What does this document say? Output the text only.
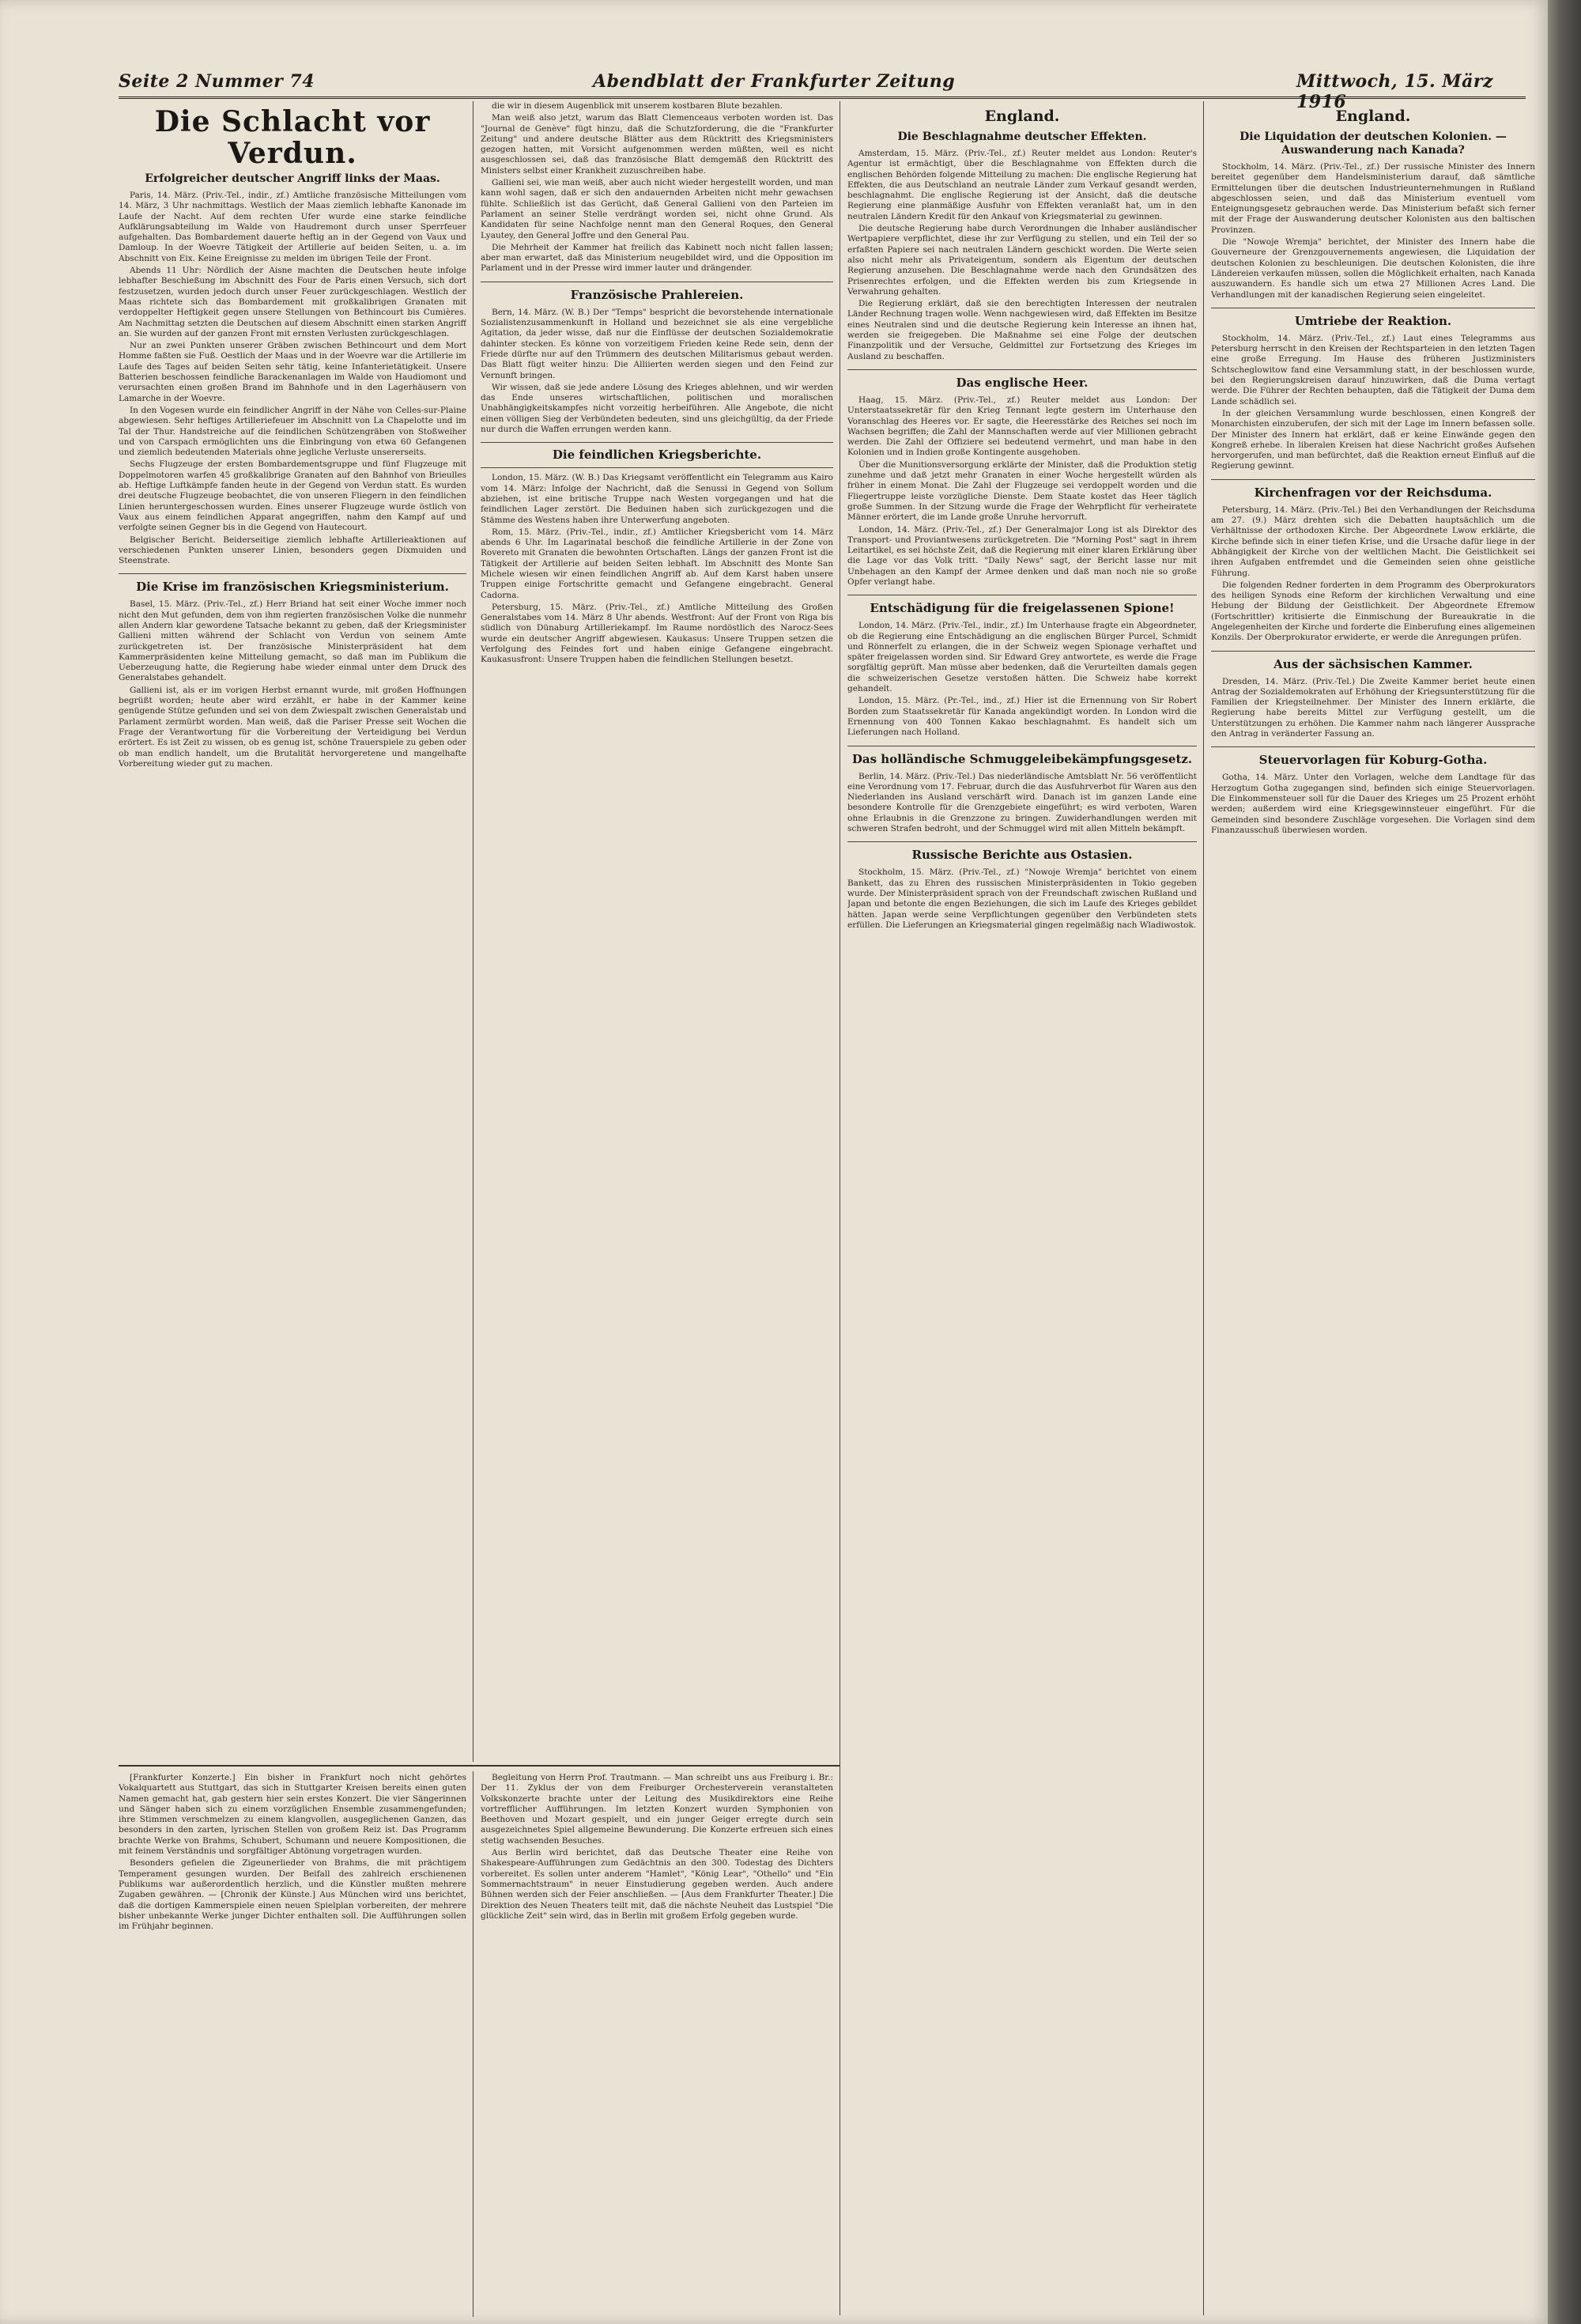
Seite 2 Nummer 74	Abendblatt der Frankfurter Zeitung	Mittwoch, 15. März 1916
Die Schlacht vor Verdun.
Erfolgreicher deutscher Angriff links der Maas.

Paris, 14. März. (Priv.-Tel., indir., zf.) Amtliche französische Mitteilungen vom 14. März, 3 Uhr nachmittags. Westlich der Maas ziemlich lebhafte Kanonade im Laufe der Nacht. Auf dem rechten Ufer wurde eine starke feindliche Aufklärungsabteilung im Walde von Haudremont durch unser Sperrfeuer aufgehalten. Das Bombardement dauerte heftig an in der Gegend von Vaux und Damloup. In der Woevre Tätigkeit der Artillerie auf beiden Seiten, u. a. im Abschnitt von Eix. Keine Ereignisse zu melden im übrigen Teile der Front.

Abends 11 Uhr: Nördlich der Aisne machten die Deutschen heute infolge lebhafter Beschießung im Abschnitt des Four de Paris einen Versuch, sich dort festzusetzen, wurden jedoch durch unser Feuer zurückgeschlagen. Westlich der Maas richtete sich das Bombardement mit großkalibrigen Granaten mit verdoppelter Heftigkeit gegen unsere Stellungen von Bethincourt bis Cumières. Am Nachmittag setzten die Deutschen auf diesem Abschnitt einen starken Angriff an. Sie wurden auf der ganzen Front mit ernsten Verlusten zurückgeschlagen.

Nur an zwei Punkten unserer Gräben zwischen Bethincourt und dem Mort Homme faßten sie Fuß. Oestlich der Maas und in der Woevre war die Artillerie im Laufe des Tages auf beiden Seiten sehr tätig, keine Infanterietätigkeit. Unsere Batterien beschossen feindliche Barackenanlagen im Walde von Haudiomont und verursachten einen großen Brand im Bahnhofe und in den Lagerhäusern von Lamarche in der Woevre.

In den Vogesen wurde ein feindlicher Angriff in der Nähe von Celles-sur-Plaine abgewiesen. Sehr heftiges Artilleriefeuer im Abschnitt von La Chapelotte und im Tal der Thur. Handstreiche auf die feindlichen Schützengräben von Stoßweiher und von Carspach ermöglichten uns die Einbringung von etwa 60 Gefangenen und ziemlich bedeutenden Materials ohne jegliche Verluste unsererseits.

Sechs Flugzeuge der ersten Bombardementsgruppe und fünf Flugzeuge mit Doppelmotoren warfen 45 großkalibrige Granaten auf den Bahnhof von Brieulles ab. Heftige Luftkämpfe fanden heute in der Gegend von Verdun statt. Es wurden drei deutsche Flugzeuge beobachtet, die von unseren Fliegern in den feindlichen Linien heruntergeschossen wurden. Eines unserer Flugzeuge wurde östlich von Vaux aus einem feindlichen Apparat angegriffen, nahm den Kampf auf und verfolgte seinen Gegner bis in die Gegend von Hautecourt.

Belgischer Bericht. Beiderseitige ziemlich lebhafte Artillerieaktionen auf verschiedenen Punkten unserer Linien, besonders gegen Dixmuiden und Steenstrate.

Die Krise im französischen Kriegsministerium.

Basel, 15. März. (Priv.-Tel., zf.) Herr Briand hat seit einer Woche immer noch nicht den Mut gefunden, dem von ihm regierten französischen Volke die nunmehr allen Andern klar gewordene Tatsache bekannt zu geben, daß der Kriegsminister Gallieni mitten während der Schlacht von Verdun von seinem Amte zurückgetreten ist. Der französische Ministerpräsident hat dem Kammerpräsidenten keine Mitteilung gemacht, so daß man im Publikum die Ueberzeugung hatte, die Regierung habe wieder einmal unter dem Druck des Generalstabes gehandelt.

Gallieni ist, als er im vorigen Herbst ernannt wurde, mit großen Hoffnungen begrüßt worden; heute aber wird erzählt, er habe in der Kammer keine genügende Stütze gefunden und sei von dem Zwiespalt zwischen Generalstab und Parlament zermürbt worden. Man weiß, daß die Pariser Presse seit Wochen die Frage der Verantwortung für die Vorbereitung der Verteidigung bei Verdun erörtert. Es ist Zeit zu wissen, ob es genug ist, schöne Trauerspiele zu geben oder ob man endlich handelt, um die Brutalität hervorgeretene und mangelhafte Vorbereitung wieder gut zu machen.

die wir in diesem Augenblick mit unserem kostbaren Blute bezahlen.

Man weiß also jetzt, warum das Blatt Clemenceaus verboten worden ist. Das "Journal de Genève" fügt hinzu, daß die Schutzforderung, die die "Frankfurter Zeitung" und andere deutsche Blätter aus dem Rücktritt des Kriegsministers gezogen hatten, mit Vorsicht aufgenommen werden müßten, weil es nicht ausgeschlossen sei, daß das französische Blatt demgemäß den Rücktritt des Ministers selbst einer Krankheit zuzuschreiben habe.

Gallieni sei, wie man weiß, aber auch nicht wieder hergestellt worden, und man kann wohl sagen, daß er sich den andauernden Arbeiten nicht mehr gewachsen fühlte. Schließlich ist das Gerücht, daß General Gallieni von den Parteien im Parlament an seiner Stelle verdrängt worden sei, nicht ohne Grund. Als Kandidaten für seine Nachfolge nennt man den General Roques, den General Lyautey, den General Joffre und den General Pau.

Die Mehrheit der Kammer hat freilich das Kabinett noch nicht fallen lassen; aber man erwartet, daß das Ministerium neugebildet wird, und die Opposition im Parlament und in der Presse wird immer lauter und drängender.

Französische Prahlereien.

Bern, 14. März. (W. B.) Der "Temps" bespricht die bevorstehende internationale Sozialistenzusammenkunft in Holland und bezeichnet sie als eine vergebliche Agitation, da jeder wisse, daß nur die Einflüsse der deutschen Sozialdemokratie dahinter stecken. Es könne von vorzeitigem Frieden keine Rede sein, denn der Friede dürfte nur auf den Trümmern des deutschen Militarismus gebaut werden. Das Blatt fügt weiter hinzu: Die Alliierten werden siegen und den Feind zur Vernunft bringen.

Wir wissen, daß sie jede andere Lösung des Krieges ablehnen, und wir werden das Ende unseres wirtschaftlichen, politischen und moralischen Unabhängigkeitskampfes nicht vorzeitig herbeiführen. Alle Angebote, die nicht einen völligen Sieg der Verbündeten bedeuten, sind uns gleichgültig, da der Friede nur durch die Waffen errungen werden kann.

Die feindlichen Kriegsberichte.

London, 15. März. (W. B.) Das Kriegsamt veröffentlicht ein Telegramm aus Kairo vom 14. März: Infolge der Nachricht, daß die Senussi in Gegend von Sollum abziehen, ist eine britische Truppe nach Westen vorgegangen und hat die feindlichen Lager zerstört. Die Beduinen haben sich zurückgezogen und die Stämme des Westens haben ihre Unterwerfung angeboten.

Rom, 15. März. (Priv.-Tel., indir., zf.) Amtlicher Kriegsbericht vom 14. März abends 6 Uhr. Im Lagarinatal beschoß die feindliche Artillerie in der Zone von Rovereto mit Granaten die bewohnten Ortschaften. Längs der ganzen Front ist die Tätigkeit der Artillerie auf beiden Seiten lebhaft. Im Abschnitt des Monte San Michele wiesen wir einen feindlichen Angriff ab. Auf dem Karst haben unsere Truppen einige Fortschritte gemacht und Gefangene eingebracht. General Cadorna.

Petersburg, 15. März. (Priv.-Tel., zf.) Amtliche Mitteilung des Großen Generalstabes vom 14. März 8 Uhr abends. Westfront: Auf der Front von Riga bis südlich von Dünaburg Artilleriekampf. Im Raume nordöstlich des Narocz-Sees wurde ein deutscher Angriff abgewiesen. Kaukasus: Unsere Truppen setzen die Verfolgung des Feindes fort und haben einige Gefangene eingebracht. Kaukasusfront: Unsere Truppen haben die feindlichen Stellungen besetzt.

England.
Die Beschlagnahme deutscher Effekten.

Amsterdam, 15. März. (Priv.-Tel., zf.) Reuter meldet aus London: Reuter's Agentur ist ermächtigt, über die Beschlagnahme von Effekten durch die englischen Behörden folgende Mitteilung zu machen: Die englische Regierung hat Effekten, die aus Deutschland an neutrale Länder zum Verkauf gesandt werden, beschlagnahmt. Die englische Regierung ist der Ansicht, daß die deutsche Regierung eine planmäßige Ausfuhr von Effekten veranlaßt hat, um in den neutralen Ländern Kredit für den Ankauf von Kriegsmaterial zu gewinnen.

Die deutsche Regierung habe durch Verordnungen die Inhaber ausländischer Wertpapiere verpflichtet, diese ihr zur Verfügung zu stellen, und ein Teil der so erfaßten Papiere sei nach neutralen Ländern geschickt worden. Die Werte seien also nicht mehr als Privateigentum, sondern als Eigentum der deutschen Regierung anzusehen. Die Beschlagnahme werde nach den Grundsätzen des Prisenrechtes erfolgen, und die Effekten werden bis zum Kriegsende in Verwahrung gehalten.

Die Regierung erklärt, daß sie den berechtigten Interessen der neutralen Länder Rechnung tragen wolle. Wenn nachgewiesen wird, daß Effekten im Besitze eines Neutralen sind und die deutsche Regierung kein Interesse an ihnen hat, werden sie freigegeben. Die Maßnahme sei eine Folge der deutschen Finanzpolitik und der Versuche, Geldmittel zur Fortsetzung des Krieges im Ausland zu beschaffen.

Das englische Heer.

Haag, 15. März. (Priv.-Tel., zf.) Reuter meldet aus London: Der Unterstaatssekretär für den Krieg Tennant legte gestern im Unterhause den Voranschlag des Heeres vor. Er sagte, die Heeresstärke des Reiches sei noch im Wachsen begriffen; die Zahl der Mannschaften werde auf vier Millionen gebracht werden. Die Zahl der Offiziere sei bedeutend vermehrt, und man habe in den Kolonien und in Indien große Kontingente ausgehoben.

Über die Munitionsversorgung erklärte der Minister, daß die Produktion stetig zunehme und daß jetzt mehr Granaten in einer Woche hergestellt würden als früher in einem Monat. Die Zahl der Flugzeuge sei verdoppelt worden und die Fliegertruppe leiste vorzügliche Dienste. Dem Staate kostet das Heer täglich große Summen. In der Sitzung wurde die Frage der Wehrpflicht für verheiratete Männer erörtert, die im Lande große Unruhe hervorruft.

London, 14. März. (Priv.-Tel., zf.) Der Generalmajor Long ist als Direktor des Transport- und Proviantwesens zurückgetreten. Die "Morning Post" sagt in ihrem Leitartikel, es sei höchste Zeit, daß die Regierung mit einer klaren Erklärung über die Lage vor das Volk tritt. "Daily News" sagt, der Bericht lasse nur mit Unbehagen an den Kampf der Armee denken und daß man noch nie so große Opfer verlangt habe.

Entschädigung für die freigelassenen Spione!

London, 14. März. (Priv.-Tel., indir., zf.) Im Unterhause fragte ein Abgeordneter, ob die Regierung eine Entschädigung an die englischen Bürger Purcel, Schmidt und Rönnerfelt zu erlangen, die in der Schweiz wegen Spionage verhaftet und später freigelassen worden sind. Sir Edward Grey antwortete, es werde die Frage sorgfältig geprüft. Man müsse aber bedenken, daß die Verurteilten damals gegen die schweizerischen Gesetze verstoßen hätten. Die Schweiz habe korrekt gehandelt.

London, 15. März. (Pr.-Tel., ind., zf.) Hier ist die Ernennung von Sir Robert Borden zum Staatssekretär für Kanada angekündigt worden. In London wird die Ernennung von 400 Tonnen Kakao beschlagnahmt. Es handelt sich um Lieferungen nach Holland.

Das holländische Schmuggeleibekämpfungsgesetz.

Berlin, 14. März. (Priv.-Tel.) Das niederländische Amtsblatt Nr. 56 veröffentlicht eine Verordnung vom 17. Februar, durch die das Ausfuhrverbot für Waren aus den Niederlanden ins Ausland verschärft wird. Danach ist im ganzen Lande eine besondere Kontrolle für die Grenzgebiete eingeführt; es wird verboten, Waren ohne Erlaubnis in die Grenzzone zu bringen. Zuwiderhandlungen werden mit schweren Strafen bedroht, und der Schmuggel wird mit allen Mitteln bekämpft.

Russische Berichte aus Ostasien.

Stockholm, 15. März. (Priv.-Tel., zf.) "Nowoje Wremja" berichtet von einem Bankett, das zu Ehren des russischen Ministerpräsidenten in Tokio gegeben wurde. Der Ministerpräsident sprach von der Freundschaft zwischen Rußland und Japan und betonte die engen Beziehungen, die sich im Laufe des Krieges gebildet hätten. Japan werde seine Verpflichtungen gegenüber den Verbündeten stets erfüllen. Die Lieferungen an Kriegsmaterial gingen regelmäßig nach Wladiwostok.

England.
Die Liquidation der deutschen Kolonien. — Auswanderung nach Kanada?

Stockholm, 14. März. (Priv.-Tel., zf.) Der russische Minister des Innern bereitet gegenüber dem Handelsministerium darauf, daß sämtliche Ermittelungen über die deutschen Industrieunternehmungen in Rußland abgeschlossen seien, und daß das Ministerium eventuell vom Enteignungsgesetz gebrauchen werde. Das Ministerium befaßt sich ferner mit der Frage der Auswanderung deutscher Kolonisten aus den baltischen Provinzen.

Die "Nowoje Wremja" berichtet, der Minister des Innern habe die Gouverneure der Grenzgouvernements angewiesen, die Liquidation der deutschen Kolonien zu beschleunigen. Die deutschen Kolonisten, die ihre Ländereien verkaufen müssen, sollen die Möglichkeit erhalten, nach Kanada auszuwandern. Es handle sich um etwa 27 Millionen Acres Land. Die Verhandlungen mit der kanadischen Regierung seien eingeleitet.

Umtriebe der Reaktion.

Stockholm, 14. März. (Priv.-Tel., zf.) Laut eines Telegramms aus Petersburg herrscht in den Kreisen der Rechtsparteien in den letzten Tagen eine große Erregung. Im Hause des früheren Justizministers Schtscheglowitow fand eine Versammlung statt, in der beschlossen wurde, bei den Regierungskreisen darauf hinzuwirken, daß die Duma vertagt werde. Die Führer der Rechten behaupten, daß die Tätigkeit der Duma dem Lande schädlich sei.

In der gleichen Versammlung wurde beschlossen, einen Kongreß der Monarchisten einzuberufen, der sich mit der Lage im Innern befassen solle. Der Minister des Innern hat erklärt, daß er keine Einwände gegen den Kongreß erhebe. In liberalen Kreisen hat diese Nachricht großes Aufsehen hervorgerufen, und man befürchtet, daß die Reaktion erneut Einfluß auf die Regierung gewinnt.

Kirchenfragen vor der Reichsduma.

Petersburg, 14. März. (Priv.-Tel.) Bei den Verhandlungen der Reichsduma am 27. (9.) März drehten sich die Debatten hauptsächlich um die Verhältnisse der orthodoxen Kirche. Der Abgeordnete Lwow erklärte, die Kirche befinde sich in einer tiefen Krise, und die Ursache dafür liege in der Abhängigkeit der Kirche von der weltlichen Macht. Die Geistlichkeit sei ihren Aufgaben entfremdet und die Gemeinden seien ohne geistliche Führung.

Die folgenden Redner forderten in dem Programm des Oberprokurators des heiligen Synods eine Reform der kirchlichen Verwaltung und eine Hebung der Bildung der Geistlichkeit. Der Abgeordnete Efremow (Fortschrittler) kritisierte die Einmischung der Bureaukratie in die Angelegenheiten der Kirche und forderte die Einberufung eines allgemeinen Konzils. Der Oberprokurator erwiderte, er werde die Anregungen prüfen.

Aus der sächsischen Kammer.

Dresden, 14. März. (Priv.-Tel.) Die Zweite Kammer beriet heute einen Antrag der Sozialdemokraten auf Erhöhung der Kriegsunterstützung für die Familien der Kriegsteilnehmer. Der Minister des Innern erklärte, die Regierung habe bereits Mittel zur Verfügung gestellt, um die Unterstützungen zu erhöhen. Die Kammer nahm nach längerer Aussprache den Antrag in veränderter Fassung an.

Steuervorlagen für Koburg-Gotha.

Gotha, 14. März. Unter den Vorlagen, welche dem Landtage für das Herzogtum Gotha zugegangen sind, befinden sich einige Steuervorlagen. Die Einkommensteuer soll für die Dauer des Krieges um 25 Prozent erhöht werden; außerdem wird eine Kriegsgewinnsteuer eingeführt. Für die Gemeinden sind besondere Zuschläge vorgesehen. Die Vorlagen sind dem Finanzausschuß überwiesen worden.

[Frankfurter Konzerte.] Ein bisher in Frankfurt noch nicht gehörtes Vokalquartett aus Stuttgart, das sich in Stuttgarter Kreisen bereits einen guten Namen gemacht hat, gab gestern hier sein erstes Konzert. Die vier Sängerinnen und Sänger haben sich zu einem vorzüglichen Ensemble zusammengefunden; ihre Stimmen verschmelzen zu einem klangvollen, ausgeglichenen Ganzen, das besonders in den zarten, lyrischen Stellen von großem Reiz ist. Das Programm brachte Werke von Brahms, Schubert, Schumann und neuere Kompositionen, die mit feinem Verständnis und sorgfältiger Abtönung vorgetragen wurden.

Besonders gefielen die Zigeunerlieder von Brahms, die mit prächtigem Temperament gesungen wurden. Der Beifall des zahlreich erschienenen Publikums war außerordentlich herzlich, und die Künstler mußten mehrere Zugaben gewähren. — [Chronik der Künste.] Aus München wird uns berichtet, daß die dortigen Kammerspiele einen neuen Spielplan vorbereiten, der mehrere bisher unbekannte Werke junger Dichter enthalten soll. Die Aufführungen sollen im Frühjahr beginnen.

Begleitung von Herrn Prof. Trautmann. — Man schreibt uns aus Freiburg i. Br.: Der 11. Zyklus der von dem Freiburger Orchesterverein veranstalteten Volkskonzerte brachte unter der Leitung des Musikdirektors eine Reihe vortrefflicher Aufführungen. Im letzten Konzert wurden Symphonien von Beethoven und Mozart gespielt, und ein junger Geiger erregte durch sein ausgezeichnetes Spiel allgemeine Bewunderung. Die Konzerte erfreuen sich eines stetig wachsenden Besuches.

Aus Berlin wird berichtet, daß das Deutsche Theater eine Reihe von Shakespeare-Aufführungen zum Gedächtnis an den 300. Todestag des Dichters vorbereitet. Es sollen unter anderem "Hamlet", "König Lear", "Othello" und "Ein Sommernachtstraum" in neuer Einstudierung gegeben werden. Auch andere Bühnen werden sich der Feier anschließen. — [Aus dem Frankfurter Theater.] Die Direktion des Neuen Theaters teilt mit, daß die nächste Neuheit das Lustspiel "Die glückliche Zeit" sein wird, das in Berlin mit großem Erfolg gegeben wurde.
